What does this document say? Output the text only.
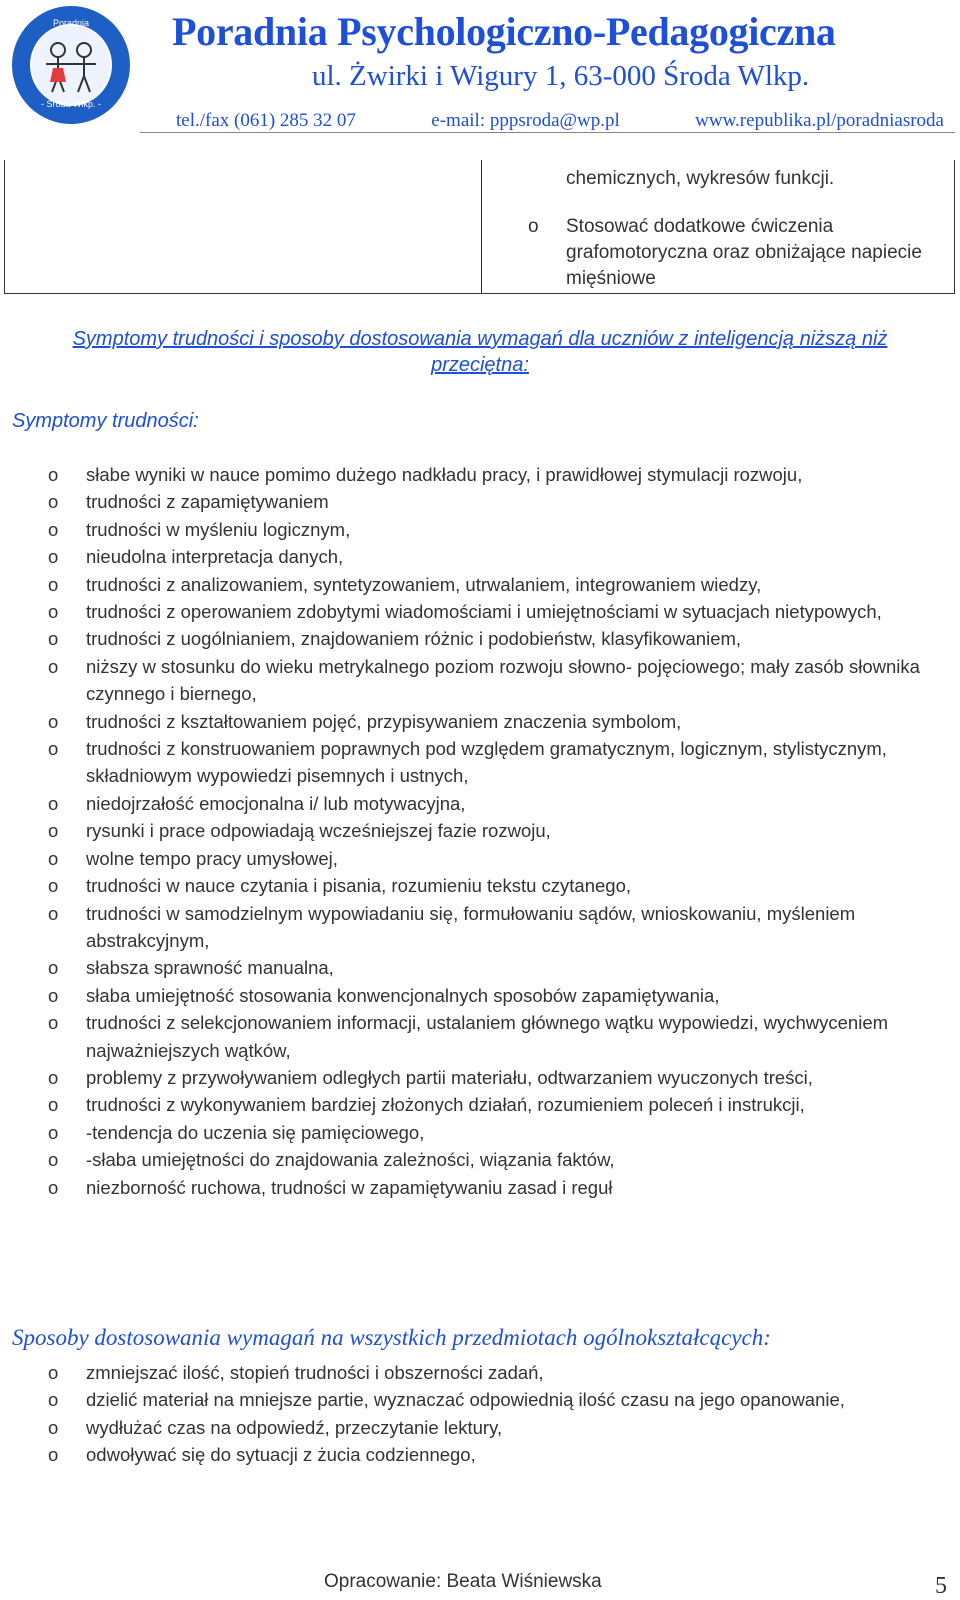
- Środa Wlkp. -
Poradnia Poradnia Psychologiczno-Pedagogiczna
ul. Żwirki i Wigury 1, 63-000 Środa Wlkp.
tel./fax (061) 285 32 07	e-mail: pppsroda@wp.pl	www.republika.pl/poradniasroda
chemicznych, wykresów funkcji.
o Stosować dodatkowe ćwiczenia grafomotoryczna oraz obniżające napiecie mięśniowe
Symptomy trudności i sposoby dostosowania wymagań dla uczniów z inteligencją niższą niż
przeciętna:
Symptomy trudności:
o słabe wyniki w nauce pomimo dużego nadkładu pracy, i prawidłowej stymulacji rozwoju,
o trudności z zapamiętywaniem
o trudności w myśleniu logicznym,
o nieudolna interpretacja danych,
o trudności z analizowaniem, syntetyzowaniem, utrwalaniem, integrowaniem wiedzy,
o trudności z operowaniem zdobytymi wiadomościami i umiejętnościami w sytuacjach nietypowych,
o trudności z uogólnianiem, znajdowaniem różnic i podobieństw, klasyfikowaniem,
o niższy w stosunku do wieku metrykalnego poziom rozwoju słowno- pojęciowego; mały zasób słownika czynnego i biernego,
o trudności z kształtowaniem pojęć, przypisywaniem znaczenia symbolom,
o trudności z konstruowaniem poprawnych pod względem gramatycznym, logicznym, stylistycznym, składniowym wypowiedzi pisemnych i ustnych,
o niedojrzałość emocjonalna i/ lub motywacyjna,
o rysunki i prace odpowiadają wcześniejszej fazie rozwoju,
o wolne tempo pracy umysłowej,
o trudności w nauce czytania i pisania, rozumieniu tekstu czytanego,
o trudności w samodzielnym wypowiadaniu się, formułowaniu sądów, wnioskowaniu, myśleniem abstrakcyjnym,
o słabsza sprawność manualna,
o słaba umiejętność stosowania konwencjonalnych sposobów zapamiętywania,
o trudności z selekcjonowaniem informacji, ustalaniem głównego wątku wypowiedzi, wychwyceniem najważniejszych wątków,
o problemy z przywoływaniem odległych partii materiału, odtwarzaniem wyuczonych treści,
o trudności z wykonywaniem bardziej złożonych działań, rozumieniem poleceń i instrukcji,
o -tendencja do uczenia się pamięciowego,
o -słaba umiejętności do znajdowania zależności, wiązania faktów,
o niezborność ruchowa, trudności w zapamiętywaniu zasad i reguł
Sposoby dostosowania wymagań na wszystkich przedmiotach ogólnokształcących:
o zmniejszać ilość, stopień trudności i obszerności zadań,
o dzielić materiał na mniejsze partie, wyznaczać odpowiednią ilość czasu na jego opanowanie,
o wydłużać czas na odpowiedź, przeczytanie lektury,
o odwoływać się do sytuacji z żucia codziennego,
Opracowanie: Beata Wiśniewska	5
